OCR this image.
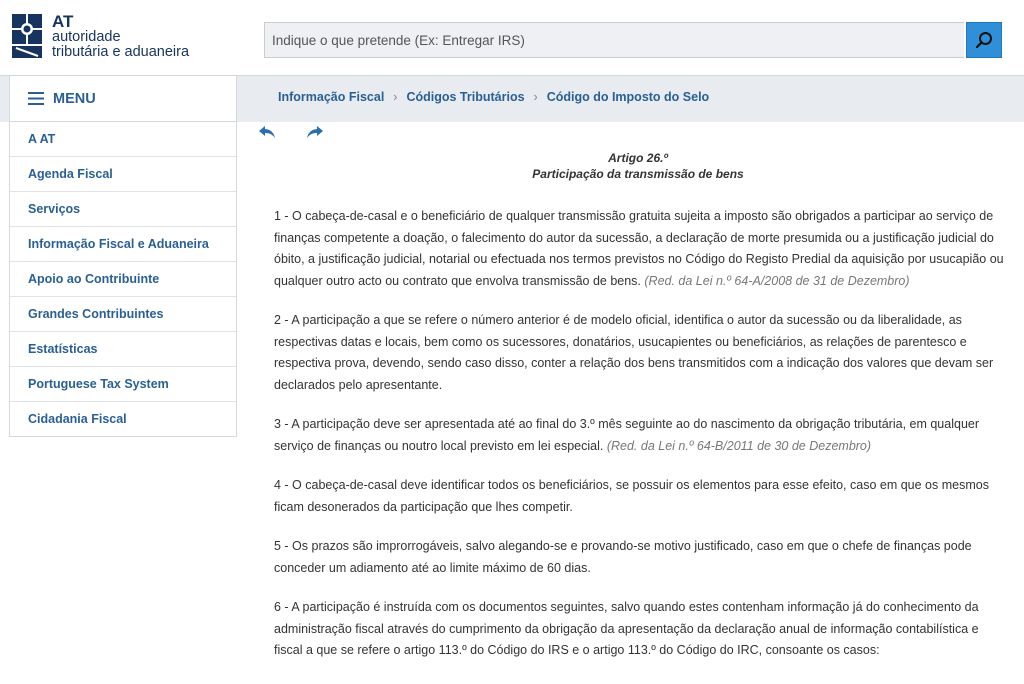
AT
autoridade
tributária e aduaneira
Indique o que pretende (Ex: Entregar IRS)
MENU	Informação Fiscal › Códigos Tributários › Código do Imposto do Selo
A AT
Agenda Fiscal
Serviços
Informação Fiscal e Aduaneira
Apoio ao Contribuinte
Grandes Contribuintes
Estatísticas
Portuguese Tax System
Cidadania Fiscal
Artigo 26.º
Participação da transmissão de bens

1 - O cabeça-de-casal e o beneficiário de qualquer transmissão gratuita sujeita a imposto são obrigados a participar ao serviço de finanças competente a doação, o falecimento do autor da sucessão, a declaração de morte presumida ou a justificação judicial do óbito, a justificação judicial, notarial ou efectuada nos termos previstos no Código do Registo Predial da aquisição por usucapião ou qualquer outro acto ou contrato que envolva transmissão de bens. (Red. da Lei n.º 64-A/2008 de 31 de Dezembro)

2 - A participação a que se refere o número anterior é de modelo oficial, identifica o autor da sucessão ou da liberalidade, as respectivas datas e locais, bem como os sucessores, donatários, usucapientes ou beneficiários, as relações de parentesco e respectiva prova, devendo, sendo caso disso, conter a relação dos bens transmitidos com a indicação dos valores que devam ser declarados pelo apresentante.

3 - A participação deve ser apresentada até ao final do 3.º mês seguinte ao do nascimento da obrigação tributária, em qualquer serviço de finanças ou noutro local previsto em lei especial. (Red. da Lei n.º 64-B/2011 de 30 de Dezembro)

4 - O cabeça-de-casal deve identificar todos os beneficiários, se possuir os elementos para esse efeito, caso em que os mesmos ficam desonerados da participação que lhes competir.

5 - Os prazos são improrrogáveis, salvo alegando-se e provando-se motivo justificado, caso em que o chefe de finanças pode conceder um adiamento até ao limite máximo de 60 dias.

6 - A participação é instruída com os documentos seguintes, salvo quando estes contenham informação já do conhecimento da administração fiscal através do cumprimento da obrigação da apresentação da declaração anual de informação contabilística e fiscal a que se refere o artigo 113.º do Código do IRS e o artigo 113.º do Código do IRC, consoante os casos:
